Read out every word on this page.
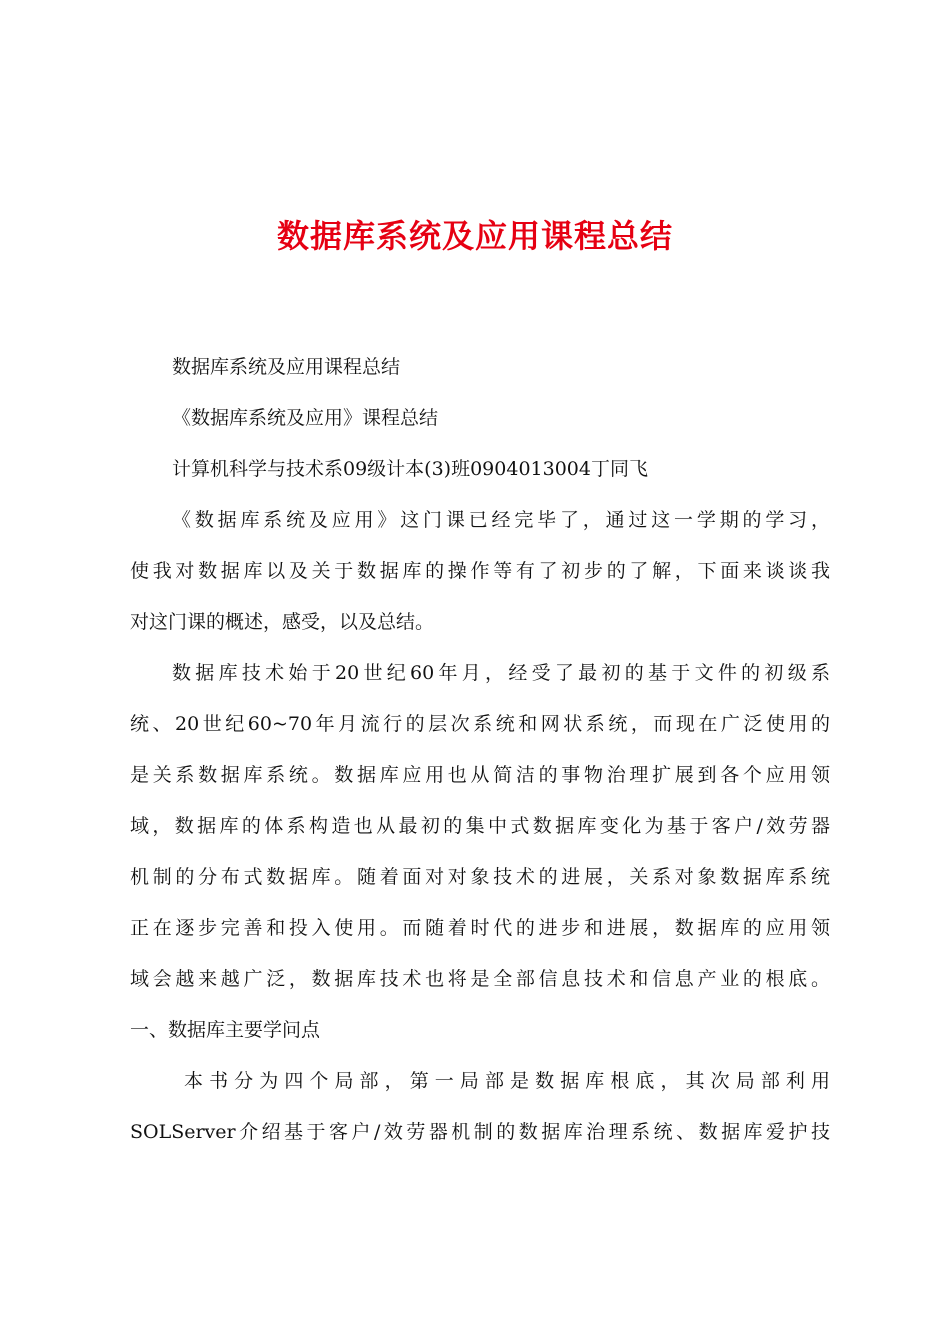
数据库系统及应用课程总结
数据库系统及应用课程总结
《数据库系统及应用》课程总结
计算机科学与技术系09级计本(3)班0904013004丁同飞
《数据库系统及应用》这门课已经完毕了，通过这一学期的学习，
使我对数据库以及关于数据库的操作等有了初步的了解，下面来谈谈我
对这门课的概述，感受，以及总结。
数据库技术始于20世纪60年月，经受了最初的基于文件的初级系
统、20世纪60~70年月流行的层次系统和网状系统，而现在广泛使用的
是关系数据库系统。数据库应用也从简洁的事物治理扩展到各个应用领
域，数据库的体系构造也从最初的集中式数据库变化为基于客户/效劳器
机制的分布式数据库。随着面对对象技术的进展，关系对象数据库系统
正在逐步完善和投入使用。而随着时代的进步和进展，数据库的应用领
域会越来越广泛，数据库技术也将是全部信息技术和信息产业的根底。
一、数据库主要学问点
本书分为四个局部，第一局部是数据库根底，其次局部利用
SOLServer介绍基于客户/效劳器机制的数据库治理系统、数据库爱护技
